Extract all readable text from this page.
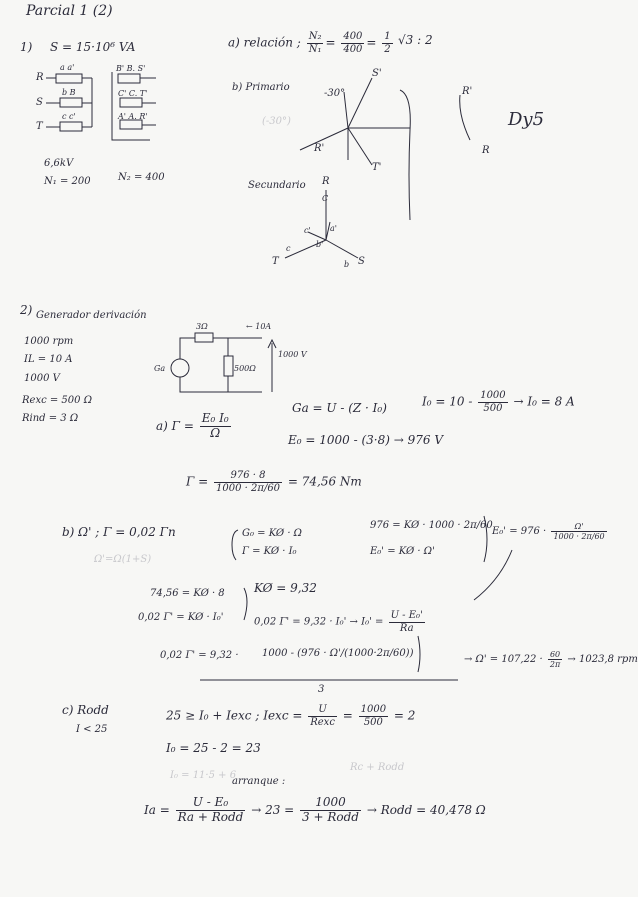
Parcial 1 (2)
1) S = 15·10⁶ VA
R
S
T
a a'
b B
c c'
B' B. S'
C' C. T'
A' A. R'
6,6kV
N₁ = 200	N₂ = 400
a) relación ; $\frac{\text{N₂}}{\text{N₁}} = \frac{400}{400} = \frac{1}{2} √3$ : 2
b) Primario
-30°
(-30°)
S'
R'
T'
R'
R
Dy5
Secundario R
C
a'
b'
c'
T	S
b
c
2) Generador derivación
1000 rpm
IL = 10 A
1000 V
Rexc = 500 Ω
Rind = 3 Ω
3Ω	← 10A
500Ω
1000 V
Ga
a) $\Gamma = \frac{\text{E₀ I₀}}{\Omega}$
Ga = U - (Z · I₀)	$I_0 = 10 - \frac{1000}{500} \to I_0 = 8$ A
E₀ = 1000 - (3·8) → 976 V
$\Gamma = \frac{976 \cdot 8}{1000 \cdot 2\pi/60} = 74,56$ Nm
b) Ω' ; Γ = 0,02 Γn
Ω'=Ω(1+S)
G₀ = KØ · Ω
Γ = KØ · I₀
976 = KØ · 1000 · 2π/60
E₀' = KØ · Ω'
$E_0' = 976 \cdot \frac{\Omega'}{1000 \cdot 2\pi/60}$
74,56 = KØ · 8
0,02 Γ' = KØ · I₀'
KØ = 9,32
0,02 $\Gamma' = 9,32 \cdot I_0' \to I_0' = \frac{\text{U - E₀'}}{Ra}$
0,02 Γ' = 9,32 · 1000 - (976 · Ω'/(1000·2π/60))
3
→ $\Omega' = 107,22 \cdot \frac{60}{2\pi} \to 1023,8$ rpm
c) Rodd
I < 25
25 ≥ I₀ + Iexc ; Iexc = $\frac{U}{\text{Rexc}} = \frac{1000}{500} = 2$
I₀ = 25 - 2 = 23
I₀ = 11·5 + 6
Rc + Rodd
arranque :
$Ia = \frac{\text{U - E₀}}{\text{Ra + Rodd}} \to 23 = \frac{1000}{\text{3 + Rodd}}$ → Rodd = 40,478 Ω
